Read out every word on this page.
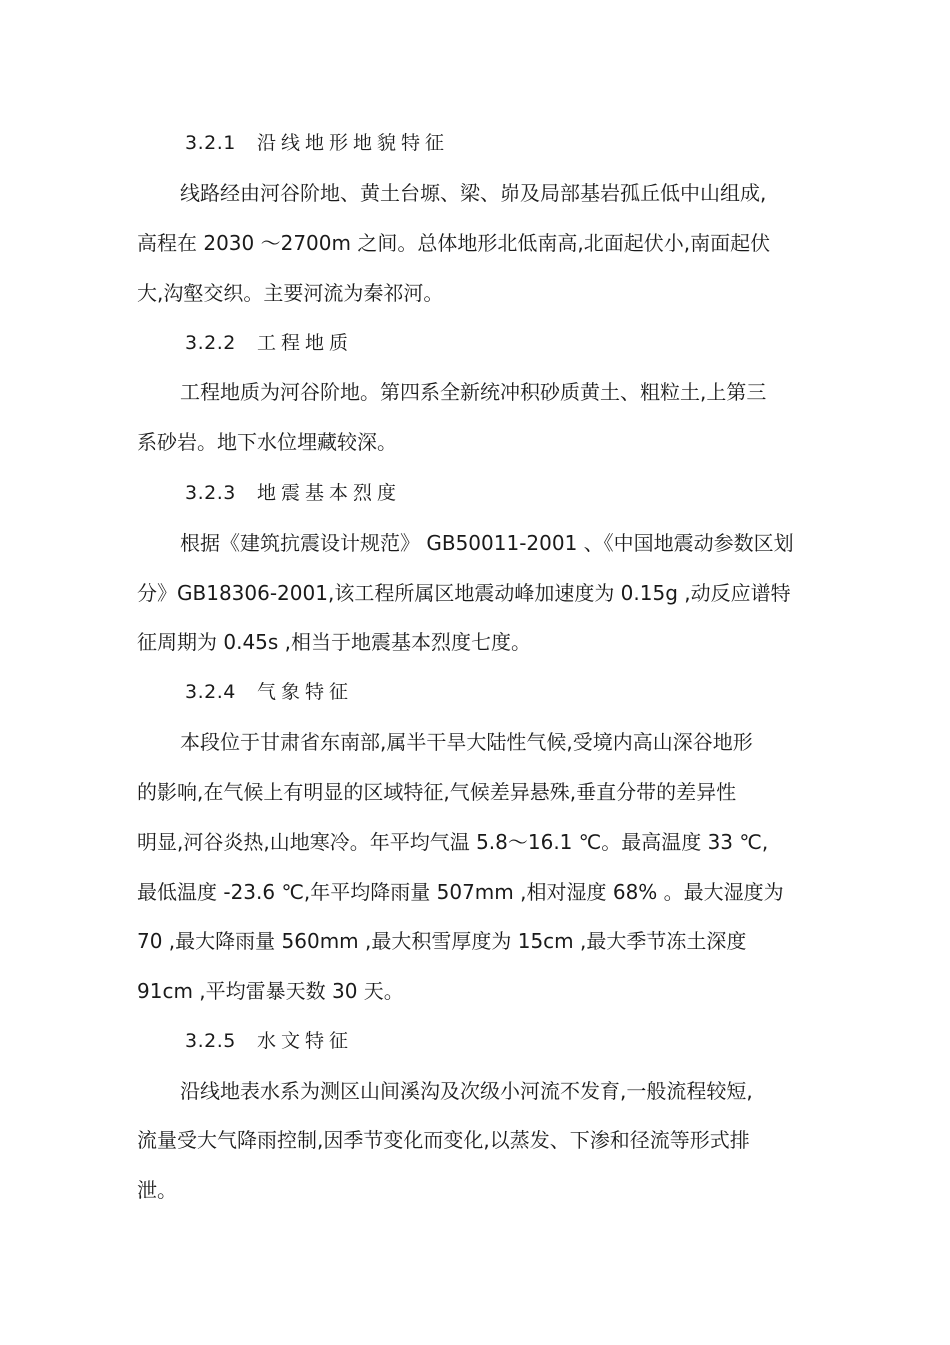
3.2.1 沿线地形地貌特征
线路经由河谷阶地、黄土台塬、梁、峁及局部基岩孤丘低中山组成,
高程在 2030 ～2700m 之间。总体地形北低南高,北面起伏小,南面起伏
大,沟壑交织。主要河流为秦祁河。
3.2.2 工程地质
工程地质为河谷阶地。第四系全新统冲积砂质黄土、粗粒土,上第三
系砂岩。地下水位埋藏较深。
3.2.3 地震基本烈度
根据《建筑抗震设计规范》 GB50011-2001 、《中国地震动参数区划
分》GB18306-2001,该工程所属区地震动峰加速度为 0.15g ,动反应谱特
征周期为 0.45s ,相当于地震基本烈度七度。
3.2.4 气象特征
本段位于甘肃省东南部,属半干旱大陆性气候,受境内高山深谷地形
的影响,在气候上有明显的区域特征,气候差异悬殊,垂直分带的差异性
明显,河谷炎热,山地寒冷。年平均气温 5.8～16.1 ℃。最高温度 33 ℃,
最低温度 -23.6 ℃,年平均降雨量 507mm ,相对湿度 68% 。最大湿度为
70 ,最大降雨量 560mm ,最大积雪厚度为 15cm ,最大季节冻土深度
91cm ,平均雷暴天数 30 天。
3.2.5 水文特征
沿线地表水系为测区山间溪沟及次级小河流不发育,一般流程较短,
流量受大气降雨控制,因季节变化而变化,以蒸发、下渗和径流等形式排
泄。
